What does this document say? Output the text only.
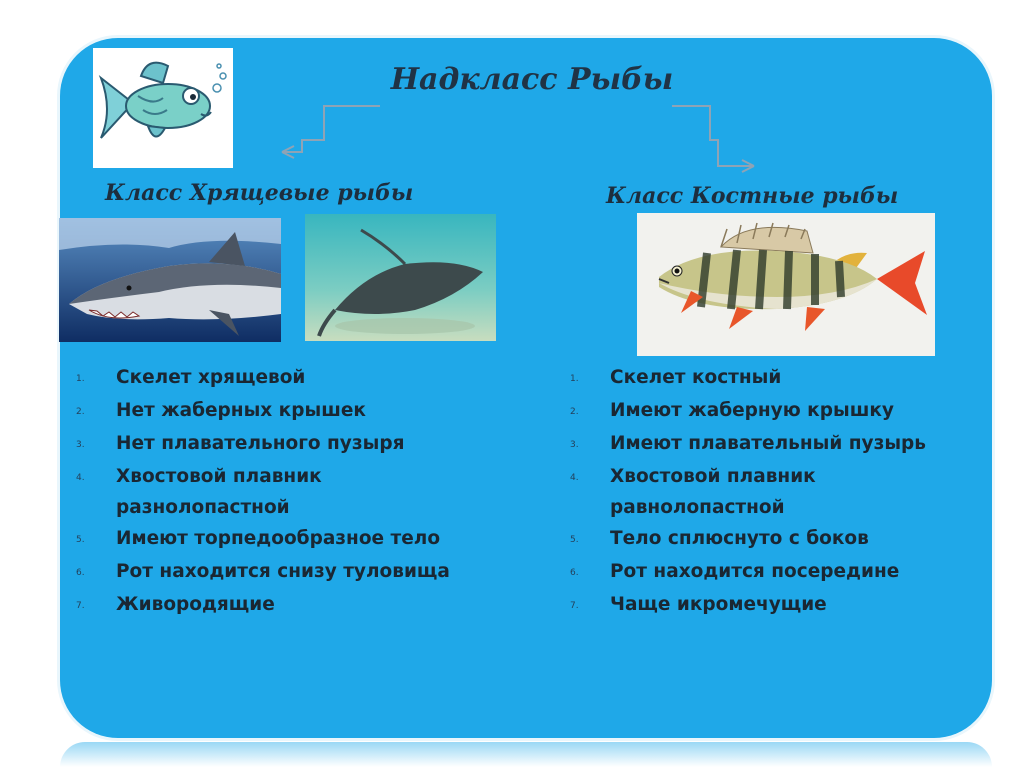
Надкласс Рыбы
Класс Хрящевые рыбы	Класс Костные рыбы
1.	Скелет хрящевой
2.	Нет жаберных крышек
3.	Нет плавательного пузыря
4.	Хвостовой плавник разнолопастной
5.	Имеют торпедообразное тело
6.	Рот находится снизу туловища
7.	Живородящие
1.	Скелет костный
2.	Имеют жаберную крышку
3.	Имеют плавательный пузырь
4.	Хвостовой плавник равнолопастной
5.	Тело сплюснуто с боков
6.	Рот находится посередине
7.	Чаще икромечущие
